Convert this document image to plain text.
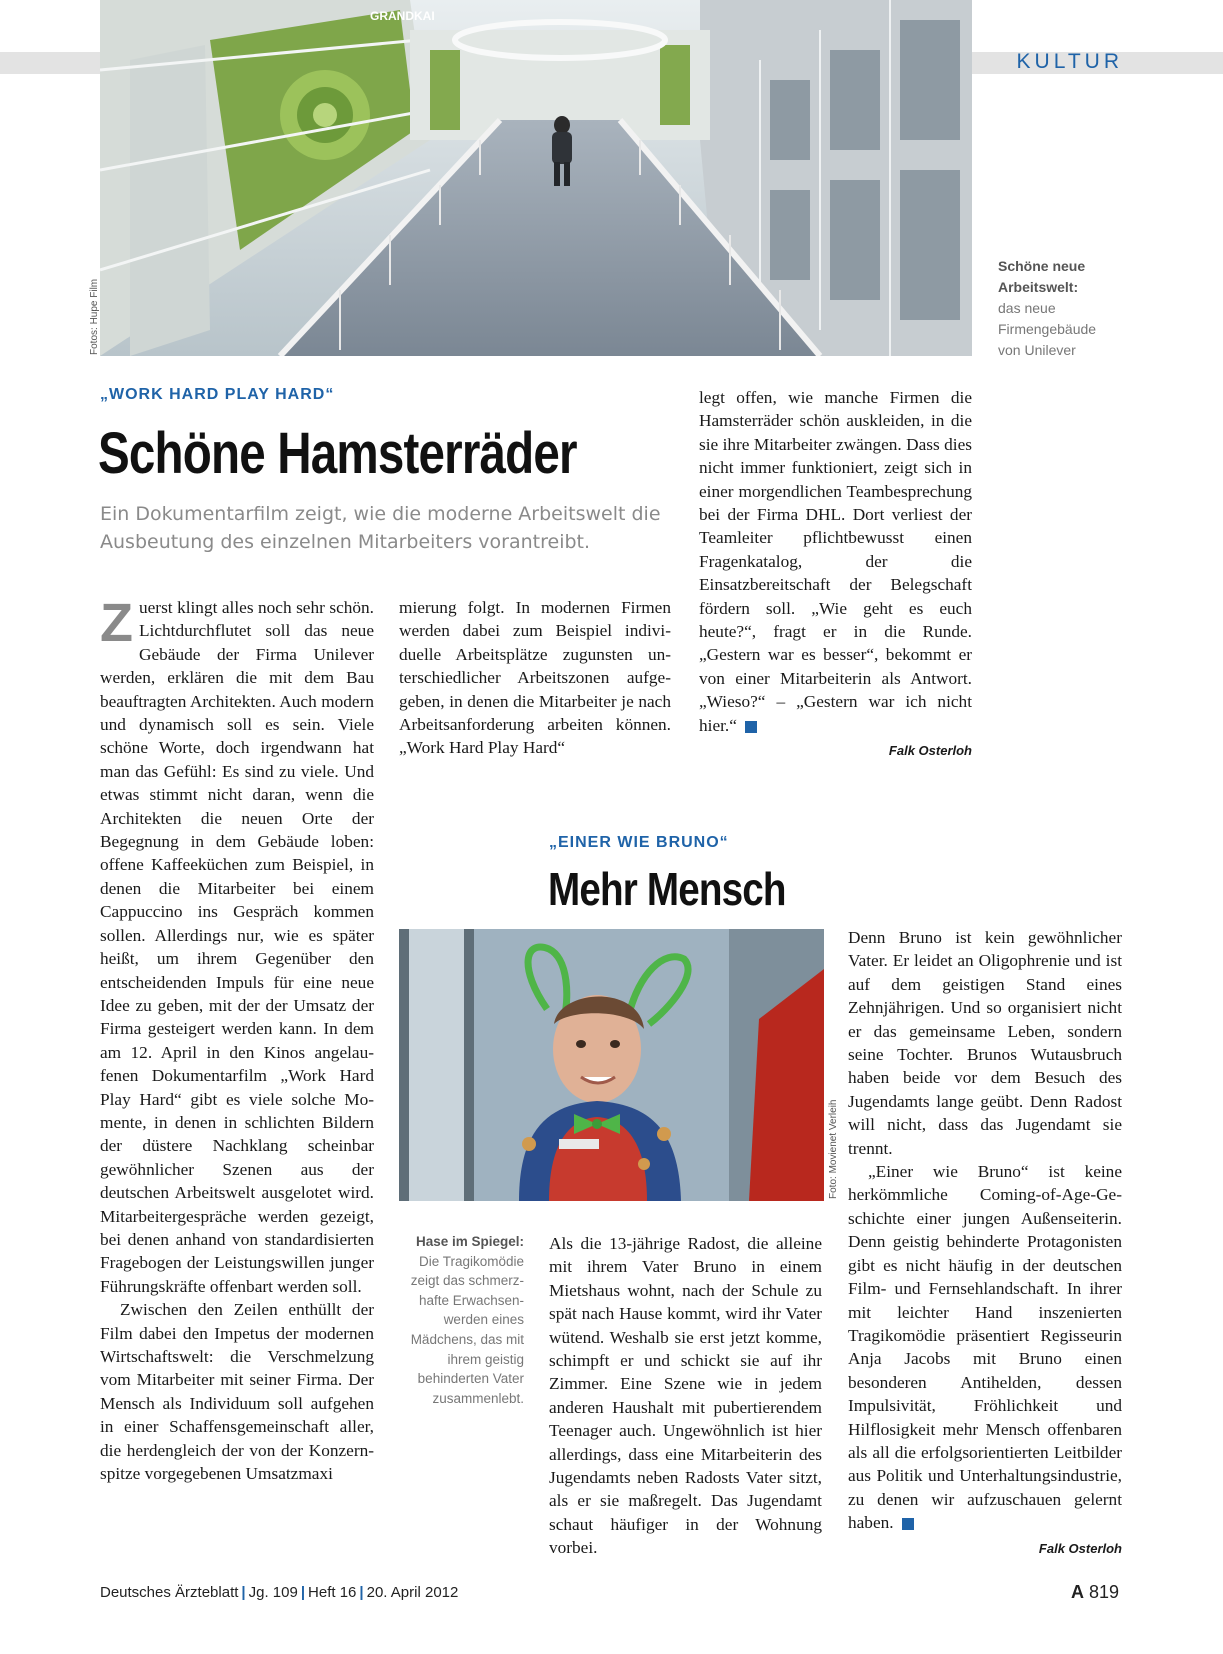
KULTUR
GRANDKAI
Fotos: Hupe Film
Schöne neue Arbeitswelt:
das neue Firmengebäude von Unilever
„WORK HARD PLAY HARD“
Schöne Hamsterräder
Ein Dokumentarfilm zeigt, wie die moderne Arbeitswelt die Ausbeutung des einzelnen Mitarbeiters vorantreibt.

Zuerst klingt alles noch sehr schön. Lichtdurchflutet soll das neue Gebäude der Firma Unilever werden, erklären die mit dem Bau beauftragten Architekten. Auch modern und dynamisch soll es sein. Viele schöne Worte, doch irgendwann hat man das Gefühl: Es sind zu viele. Und etwas stimmt nicht daran, wenn die Architekten die neuen Orte der Begegnung in dem Gebäude loben: offene Kaffeeküchen zum Beispiel, in denen die Mitarbeiter bei einem Cappuccino ins Gespräch kommen sollen. Allerdings nur, wie es später heißt, um ihrem Gegenüber den entscheidenden Impuls für eine neue Idee zu geben, mit der der Umsatz der Firma gesteigert werden kann. In dem am 12. April in den Kinos angelaufenen Dokumentarfilm „Work Hard Play Hard“ gibt es viele solche Momente, in denen in schlichten Bildern der düstere Nachklang scheinbar gewöhnlicher Szenen aus der deutschen Arbeitswelt ausgelotet wird. Mitarbeitergespräche werden gezeigt, bei denen anhand von standardisierten Fragebogen der Leistungswillen junger Führungskräfte offenbart werden soll.

Zwischen den Zeilen enthüllt der Film dabei den Impetus der modernen Wirtschaftswelt: die Verschmelzung vom Mitarbeiter mit seiner Firma. Der Mensch als Individuum soll aufgehen in einer Schaffensgemeinschaft aller, die herdengleich der von der Konzernspitze vorgegebenen Umsatzmaxi

mierung folgt. In modernen Firmen werden dabei zum Beispiel individuelle Arbeitsplätze zugunsten unterschiedlicher Arbeitszonen aufgegeben, in denen die Mitarbeiter je nach Arbeitsanforderung arbeiten können. „Work Hard Play Hard“

legt offen, wie manche Firmen die Hamsterräder schön auskleiden, in die sie ihre Mitarbeiter zwängen. Dass dies nicht immer funktioniert, zeigt sich in einer morgendlichen Teambesprechung bei der Firma DHL. Dort verliest der Teamleiter pflichtbewusst einen Fragenkatalog, der die Einsatzbereitschaft der Belegschaft fördern soll. „Wie geht es euch heute?“, fragt er in die Runde. „Gestern war es besser“, bekommt er von einer Mitarbeiterin als Antwort. „Wieso?“ – „Gestern war ich nicht hier.“

Falk Osterloh
„EINER WIE BRUNO“
Mehr Mensch
Foto: Movienet Verleih
Hase im Spiegel:
Die Tragikomödie zeigt das schmerzhafte Erwachsenwerden eines Mädchens, das mit ihrem geistig behinderten Vater zusammenlebt.

Als die 13-jährige Radost, die alleine mit ihrem Vater Bruno in einem Mietshaus wohnt, nach der Schule zu spät nach Hause kommt, wird ihr Vater wütend. Weshalb sie erst jetzt komme, schimpft er und schickt sie auf ihr Zimmer. Eine Szene wie in jedem anderen Haushalt mit pubertierendem Teenager auch. Ungewöhnlich ist hier allerdings, dass eine Mitarbeiterin des Jugendamts neben Radosts Vater sitzt, als er sie maßregelt. Das Jugendamt schaut häufiger in der Wohnung vorbei.

Denn Bruno ist kein gewöhnlicher Vater. Er leidet an Oligophrenie und ist auf dem geistigen Stand eines Zehnjährigen. Und so organisiert nicht er das gemeinsame Leben, sondern seine Tochter. Brunos Wutausbruch haben beide vor dem Besuch des Jugendamts lange geübt. Denn Radost will nicht, dass das Jugendamt sie trennt.

„Einer wie Bruno“ ist keine herkömmliche Coming-of-Age-Geschichte einer jungen Außenseiterin. Denn geistig behinderte Protagonisten gibt es nicht häufig in der deutschen Film- und Fernsehlandschaft. In ihrer mit leichter Hand inszenierten Tragikomödie präsentiert Regisseurin Anja Jacobs mit Bruno einen besonderen Antihelden, dessen Impulsivität, Fröhlichkeit und Hilflosigkeit mehr Mensch offenbaren als all die erfolgsorientierten Leitbilder aus Politik und Unterhaltungsindustrie, zu denen wir aufzuschauen gelernt haben.

Falk Osterloh
Deutsches Ärzteblatt | Jg. 109 | Heft 16 | 20. April 2012	A 819
